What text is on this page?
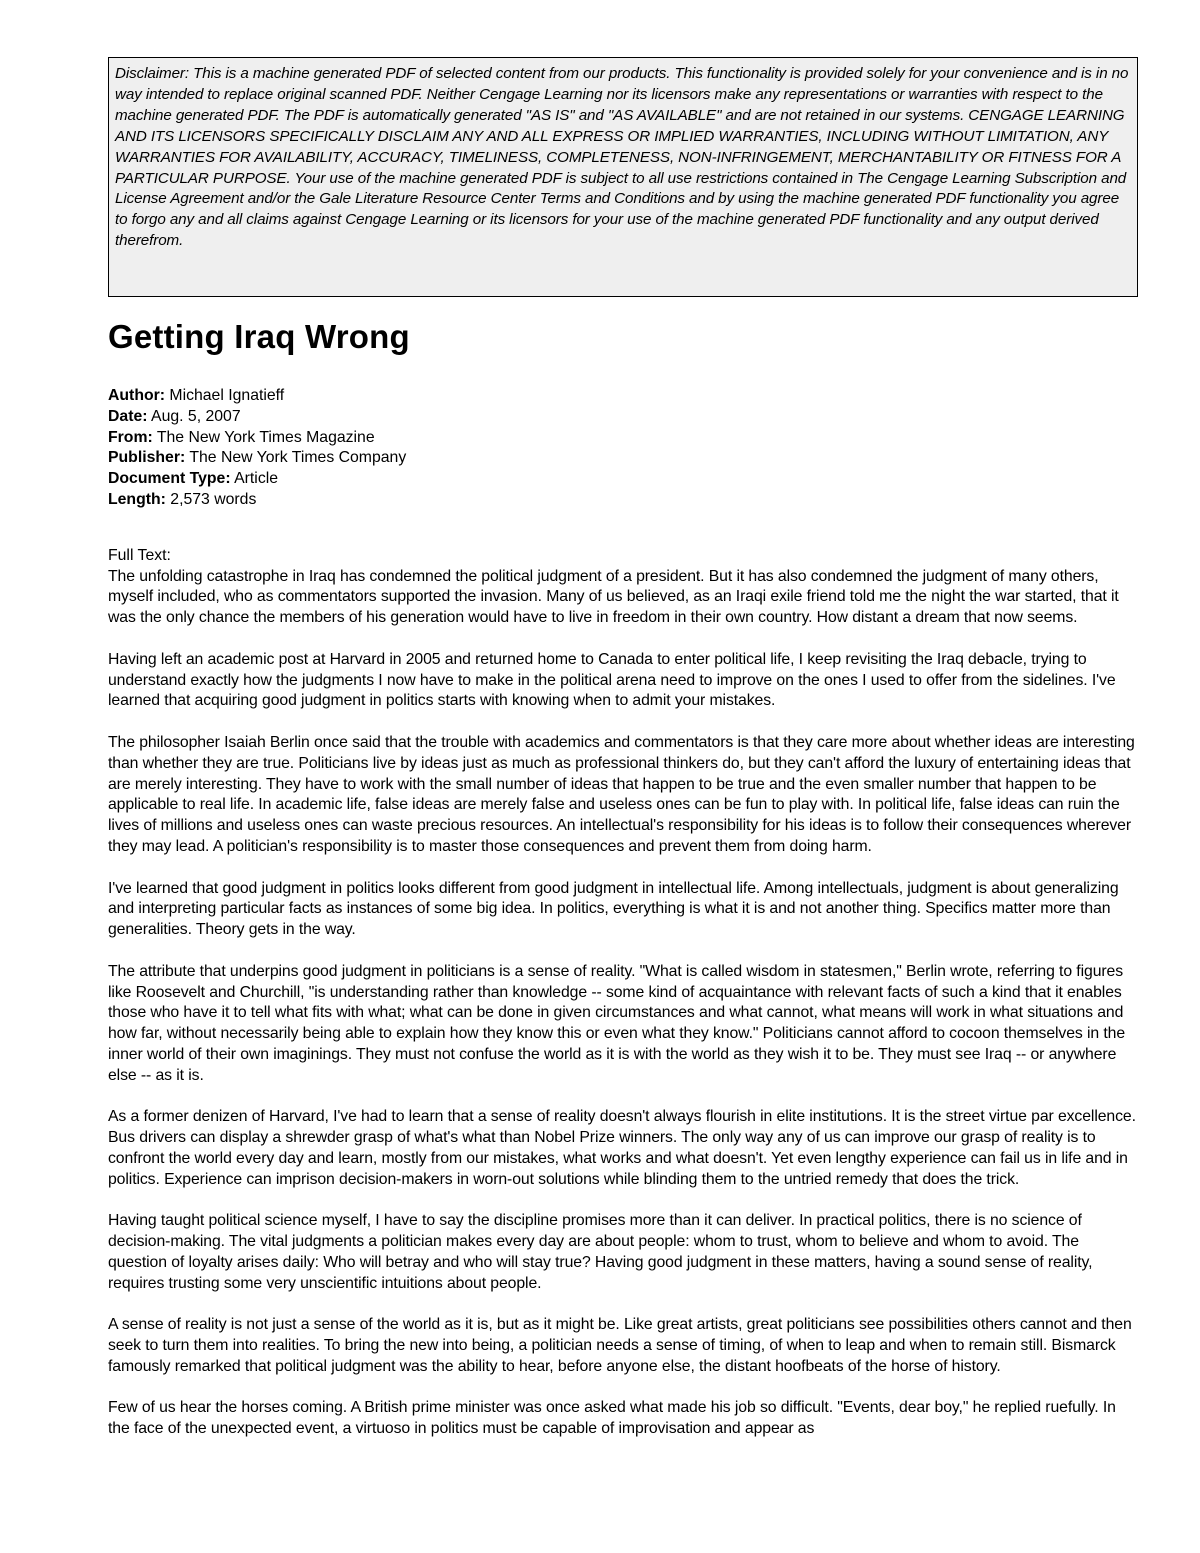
Disclaimer: This is a machine generated PDF of selected content from our products. This functionality is provided solely for your convenience and is in no way intended to replace original scanned PDF. Neither Cengage Learning nor its licensors make any representations or warranties with respect to the machine generated PDF. The PDF is automatically generated "AS IS" and "AS AVAILABLE" and are not retained in our systems. CENGAGE LEARNING AND ITS LICENSORS SPECIFICALLY DISCLAIM ANY AND ALL EXPRESS OR IMPLIED WARRANTIES, INCLUDING WITHOUT LIMITATION, ANY WARRANTIES FOR AVAILABILITY, ACCURACY, TIMELINESS, COMPLETENESS, NON-INFRINGEMENT, MERCHANTABILITY OR FITNESS FOR A PARTICULAR PURPOSE. Your use of the machine generated PDF is subject to all use restrictions contained in The Cengage Learning Subscription and License Agreement and/or the Gale Literature Resource Center Terms and Conditions and by using the machine generated PDF functionality you agree to forgo any and all claims against Cengage Learning or its licensors for your use of the machine generated PDF functionality and any output derived therefrom.
Getting Iraq Wrong
Author: Michael Ignatieff
Date: Aug. 5, 2007
From: The New York Times Magazine
Publisher: The New York Times Company
Document Type: Article
Length: 2,573 words
Full Text:

The unfolding catastrophe in Iraq has condemned the political judgment of a president. But it has also condemned the judgment of many others, myself included, who as commentators supported the invasion. Many of us believed, as an Iraqi exile friend told me the night the war started, that it was the only chance the members of his generation would have to live in freedom in their own country. How distant a dream that now seems.

Having left an academic post at Harvard in 2005 and returned home to Canada to enter political life, I keep revisiting the Iraq debacle, trying to understand exactly how the judgments I now have to make in the political arena need to improve on the ones I used to offer from the sidelines. I've learned that acquiring good judgment in politics starts with knowing when to admit your mistakes.

The philosopher Isaiah Berlin once said that the trouble with academics and commentators is that they care more about whether ideas are interesting than whether they are true. Politicians live by ideas just as much as professional thinkers do, but they can't afford the luxury of entertaining ideas that are merely interesting. They have to work with the small number of ideas that happen to be true and the even smaller number that happen to be applicable to real life. In academic life, false ideas are merely false and useless ones can be fun to play with. In political life, false ideas can ruin the lives of millions and useless ones can waste precious resources. An intellectual's responsibility for his ideas is to follow their consequences wherever they may lead. A politician's responsibility is to master those consequences and prevent them from doing harm.

I've learned that good judgment in politics looks different from good judgment in intellectual life. Among intellectuals, judgment is about generalizing and interpreting particular facts as instances of some big idea. In politics, everything is what it is and not another thing. Specifics matter more than generalities. Theory gets in the way.

The attribute that underpins good judgment in politicians is a sense of reality. "What is called wisdom in statesmen," Berlin wrote, referring to figures like Roosevelt and Churchill, "is understanding rather than knowledge -- some kind of acquaintance with relevant facts of such a kind that it enables those who have it to tell what fits with what; what can be done in given circumstances and what cannot, what means will work in what situations and how far, without necessarily being able to explain how they know this or even what they know." Politicians cannot afford to cocoon themselves in the inner world of their own imaginings. They must not confuse the world as it is with the world as they wish it to be. They must see Iraq -- or anywhere else -- as it is.

As a former denizen of Harvard, I've had to learn that a sense of reality doesn't always flourish in elite institutions. It is the street virtue par excellence. Bus drivers can display a shrewder grasp of what's what than Nobel Prize winners. The only way any of us can improve our grasp of reality is to confront the world every day and learn, mostly from our mistakes, what works and what doesn't. Yet even lengthy experience can fail us in life and in politics. Experience can imprison decision-makers in worn-out solutions while blinding them to the untried remedy that does the trick.

Having taught political science myself, I have to say the discipline promises more than it can deliver. In practical politics, there is no science of decision-making. The vital judgments a politician makes every day are about people: whom to trust, whom to believe and whom to avoid. The question of loyalty arises daily: Who will betray and who will stay true? Having good judgment in these matters, having a sound sense of reality, requires trusting some very unscientific intuitions about people.

A sense of reality is not just a sense of the world as it is, but as it might be. Like great artists, great politicians see possibilities others cannot and then seek to turn them into realities. To bring the new into being, a politician needs a sense of timing, of when to leap and when to remain still. Bismarck famously remarked that political judgment was the ability to hear, before anyone else, the distant hoofbeats of the horse of history.

Few of us hear the horses coming. A British prime minister was once asked what made his job so difficult. "Events, dear boy," he replied ruefully. In the face of the unexpected event, a virtuoso in politics must be capable of improvisation and appear as
